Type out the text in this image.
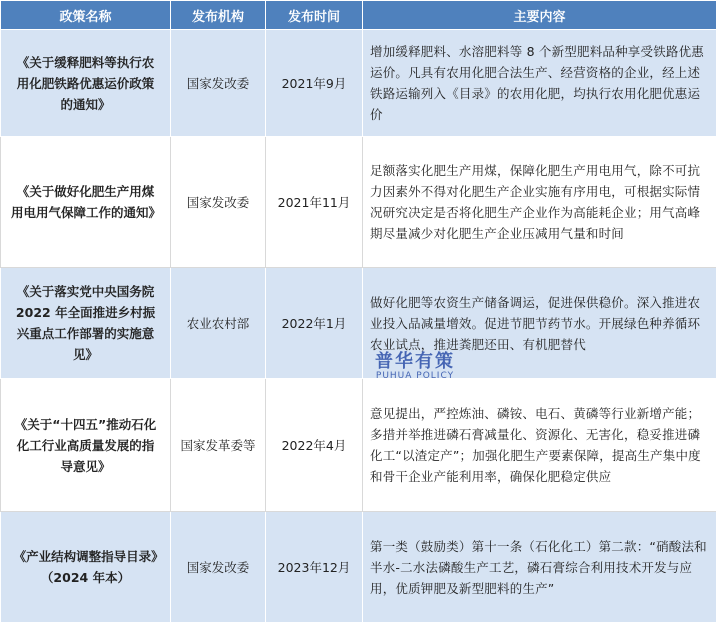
政策名称	发布机构	发布时间	主要内容
《关于缓释肥料等执行农用化肥铁路优惠运价政策的通知》	国家发改委	2021年9月	增加缓释肥料、水溶肥料等 8 个新型肥料品种享受铁路优惠运价。凡具有农用化肥合法生产、经营资格的企业，经上述铁路运输列入《目录》的农用化肥，均执行农用化肥优惠运价
《关于做好化肥生产用煤用电用气保障工作的通知》	国家发改委	2021年11月	足额落实化肥生产用煤，保障化肥生产用电用气，除不可抗力因素外不得对化肥生产企业实施有序用电，可根据实际情况研究决定是否将化肥生产企业作为高能耗企业；用气高峰期尽量减少对化肥生产企业压减用气量和时间
《关于落实党中央国务院 2022 年全面推进乡村振兴重点工作部署的实施意见》	农业农村部	2022年1月	做好化肥等农资生产储备调运，促进保供稳价。深入推进农业投入品减量增效。促进节肥节药节水。开展绿色种养循环农业试点，推进粪肥还田、有机肥替代
《关于“十四五”推动石化化工行业高质量发展的指导意见》	国家发革委等	2022年4月	意见提出，严控炼油、磷铵、电石、黄磷等行业新增产能；多措并举推进磷石膏减量化、资源化、无害化，稳妥推进磷化工“以渣定产”；加强化肥生产要素保障，提高生产集中度和骨干企业产能利用率，确保化肥稳定供应
《产业结构调整指导目录》（2024 年本）	国家发改委	2023年12月	第一类（鼓励类）第十一条（石化化工）第二款：“硝酸法和半水-二水法磷酸生产工艺，磷石膏综合利用技术开发与应用，优质钾肥及新型肥料的生产”
普华有策
PUHUA POLICY
